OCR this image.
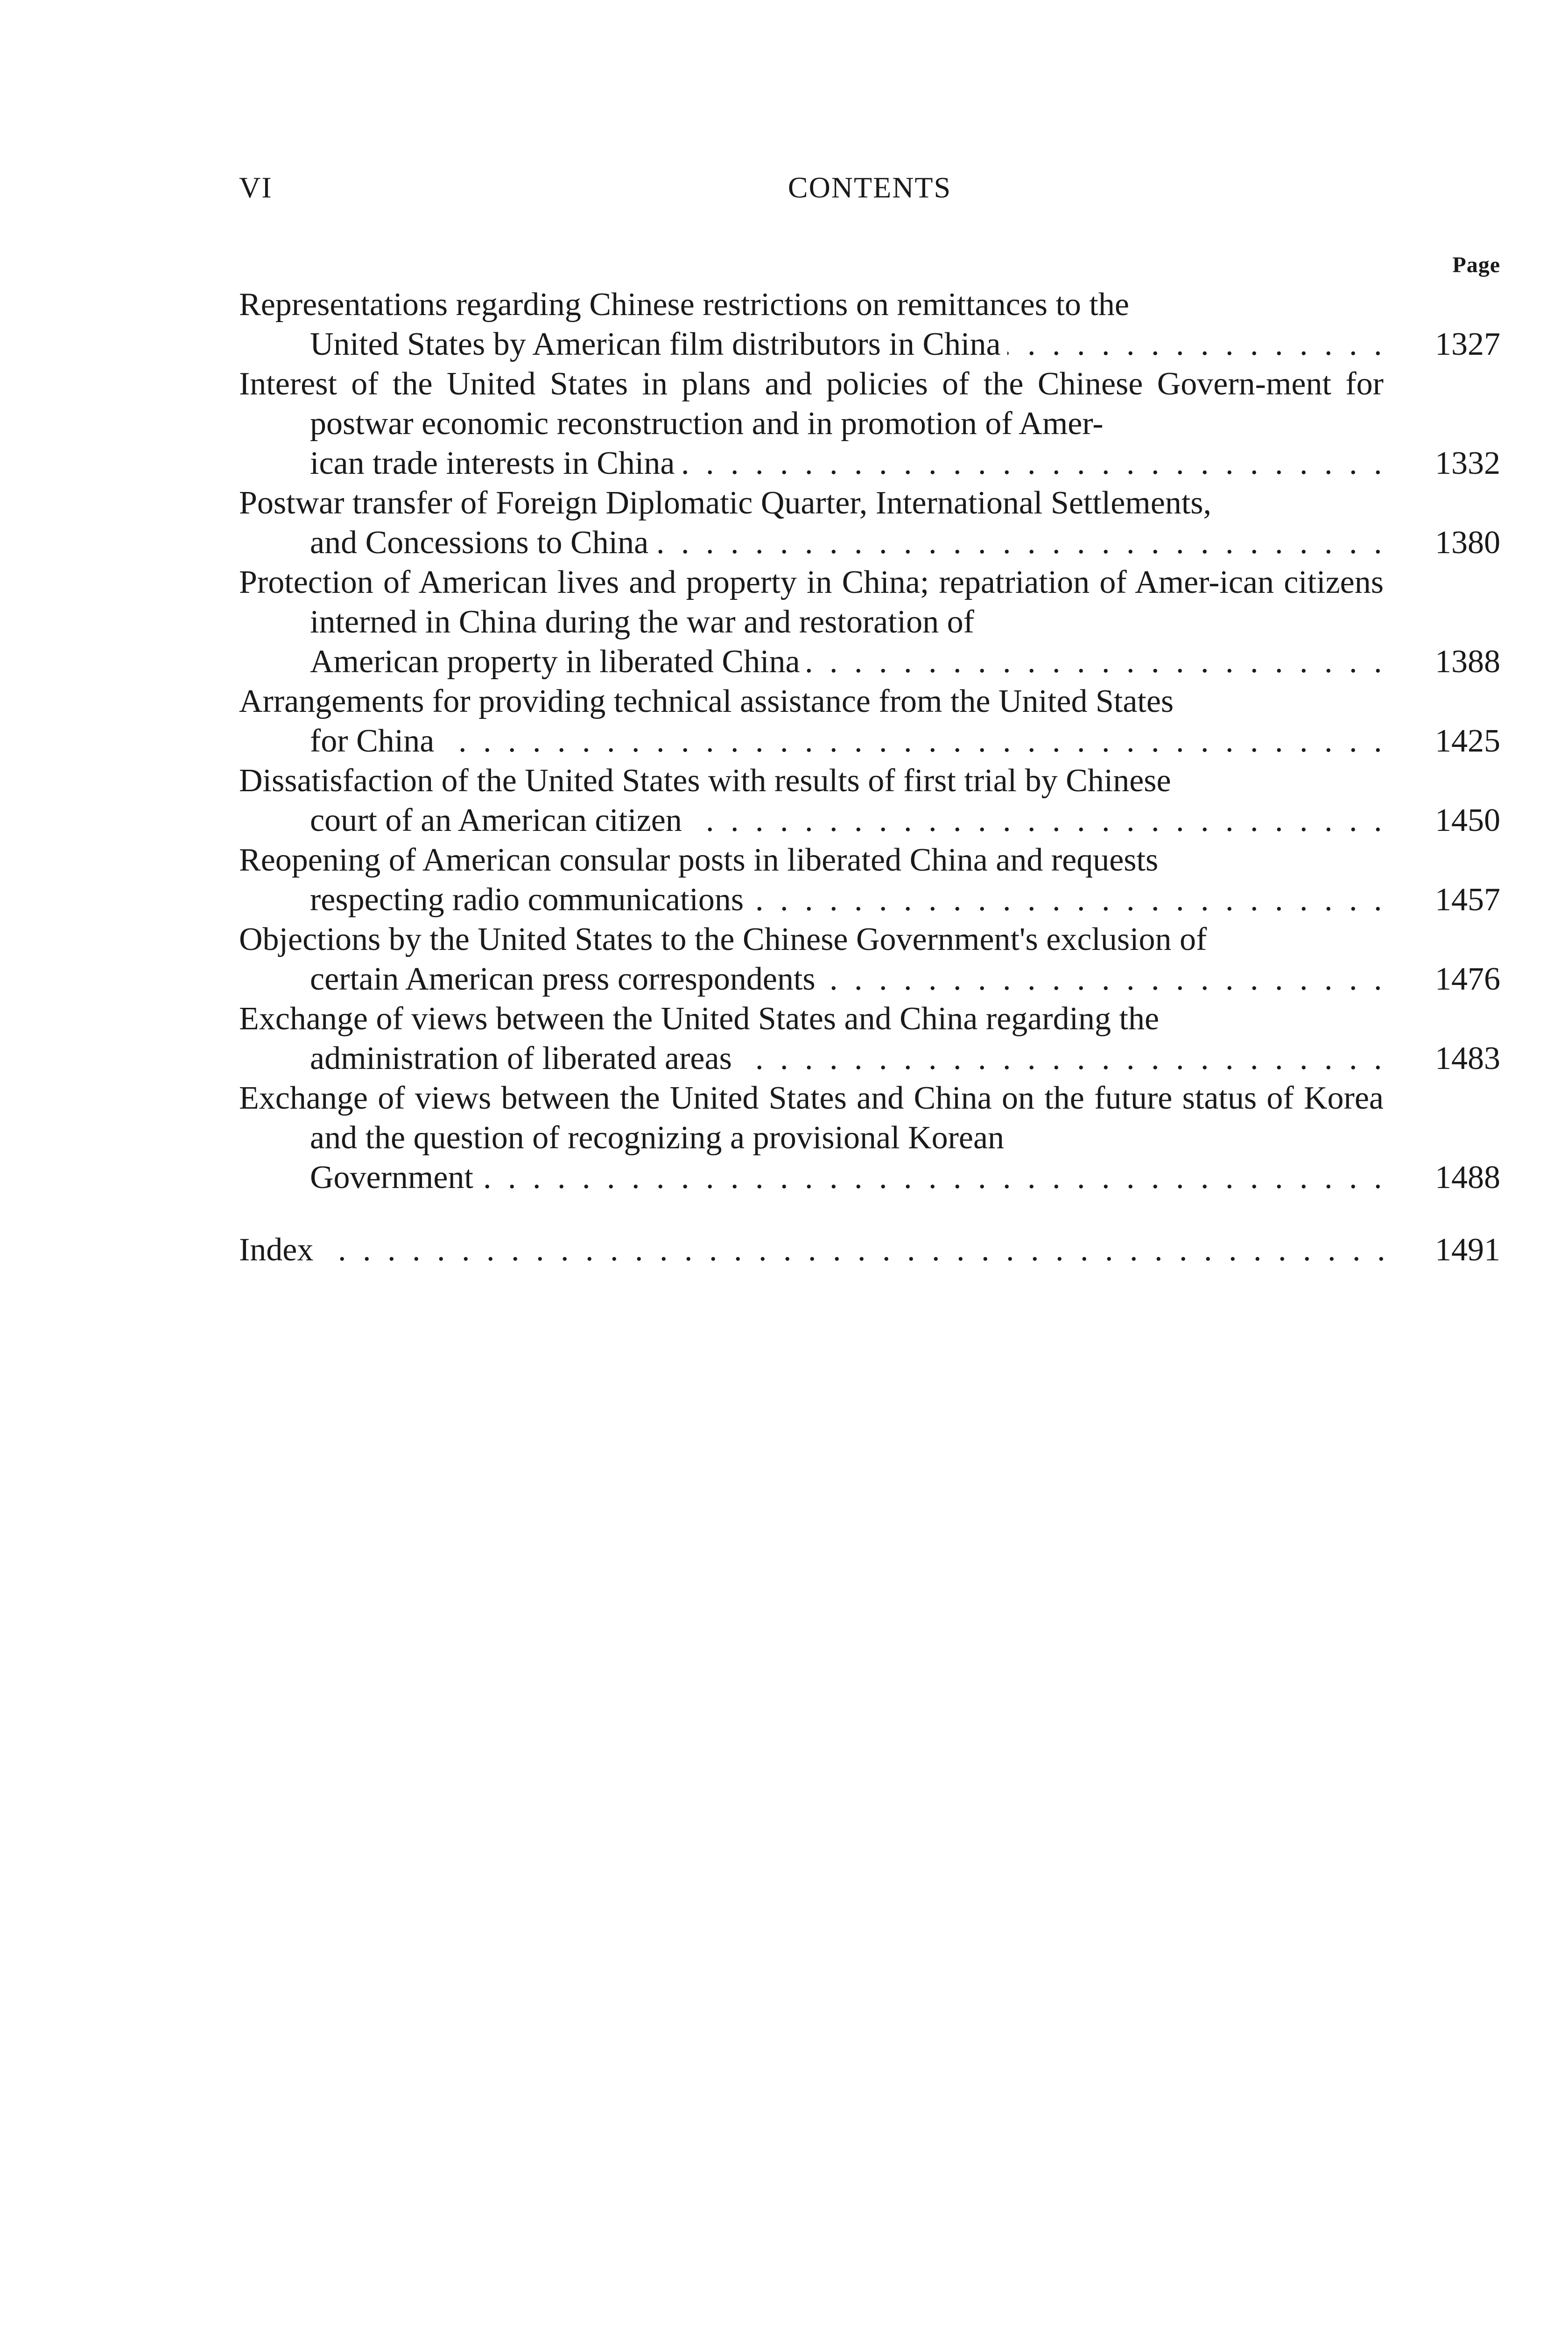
VI	CONTENTS
Page
Representations regarding Chinese restrictions on remittances to the
United States by American film distributors in China . . .	1327
Interest of the United States in plans and policies of the Chinese Govern-ment for postwar economic reconstruction and in promotion of Amer-
ican trade interests in China . . .	1332
Postwar transfer of Foreign Diplomatic Quarter, International Settlements,
and Concessions to China . . .	1380
Protection of American lives and property in China; repatriation of Amer-ican citizens interned in China during the war and restoration of
American property in liberated China . . .	1388
Arrangements for providing technical assistance from the United States
for China . . .	1425
Dissatisfaction of the United States with results of first trial by Chinese
court of an American citizen . . .	1450
Reopening of American consular posts in liberated China and requests
respecting radio communications . . .	1457
Objections by the United States to the Chinese Government's exclusion of
certain American press correspondents . . .	1476
Exchange of views between the United States and China regarding the
administration of liberated areas . . .	1483
Exchange of views between the United States and China on the future status of Korea and the question of recognizing a provisional Korean
Government . . .	1488
Index . . .	1491
